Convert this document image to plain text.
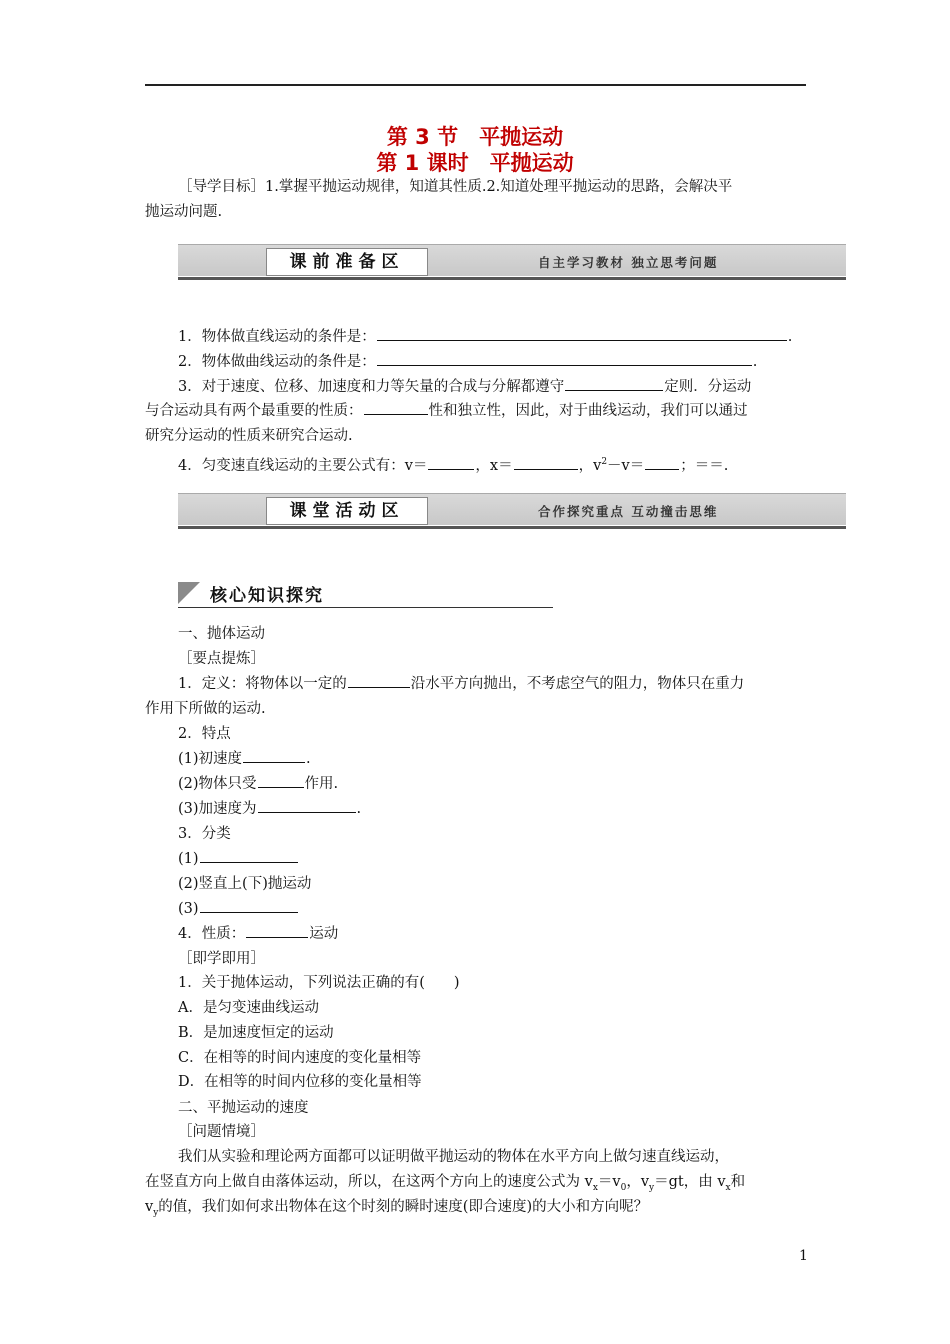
第 3 节　平抛运动
第 1 课时　平抛运动
［导学目标］1.掌握平抛运动规律，知道其性质.2.知道处理平抛运动的思路，会解决平
抛运动问题.
课前准备区	自主学习教材 独立思考问题
1．物体做直线运动的条件是：	.
2．物体做曲线运动的条件是：	.
3．对于速度、位移、加速度和力等矢量的合成与分解都遵守	定则．分运动
与合运动具有两个最重要的性质：	性和独立性，因此，对于曲线运动，我们可以通过
研究分运动的性质来研究合运动.
4．匀变速直线运动的主要公式有：v＝	，x＝	，$v^2-v=$ ；＝＝.
课堂活动区	合作探究重点 互动撞击思维
核心知识探究
一、抛体运动
［要点提炼］
1．定义：将物体以一定的	沿水平方向抛出，不考虑空气的阻力，物体只在重力
作用下所做的运动.
2．特点
(1)初速度	.
(2)物体只受	作用.
(3)加速度为	.
3．分类
(1)
(2)竖直上(下)抛运动
(3)
4．性质：	运动
［即学即用］
1．关于抛体运动，下列说法正确的有(　　)
A．是匀变速曲线运动
B．是加速度恒定的运动
C．在相等的时间内速度的变化量相等
D．在相等的时间内位移的变化量相等
二、平抛运动的速度
［问题情境］
我们从实验和理论两方面都可以证明做平抛运动的物体在水平方向上做匀速直线运动，
在竖直方向上做自由落体运动，所以，在这两个方向上的速度公式为 $v_x=v_0$，$v_y=gt$，由 $v_x$和
$v_y$的值，我们如何求出物体在这个时刻的瞬时速度(即合速度)的大小和方向呢？
1
